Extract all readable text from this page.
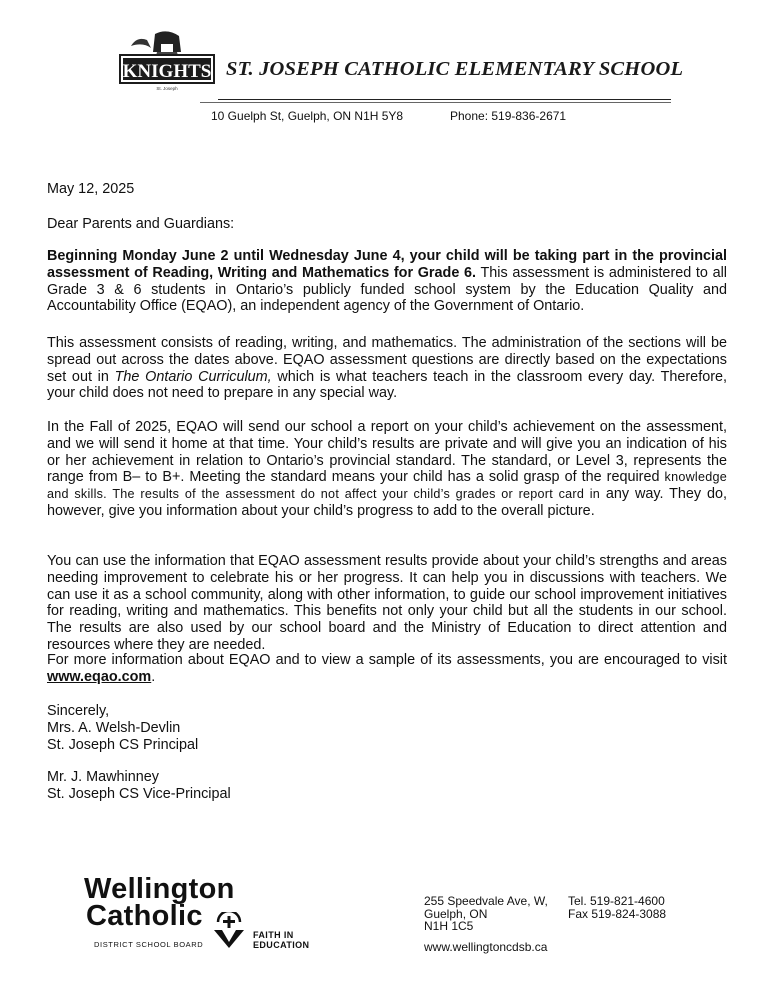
KNIGHTS
St. Joseph
ST. JOSEPH CATHOLIC ELEMENTARY SCHOOL
10 Guelph St, Guelph, ON N1H 5Y8	Phone: 519-836-2671
May 12, 2025
Dear Parents and Guardians:
Beginning Monday June 2 until Wednesday June 4, your child will be taking part in the provincial assessment of Reading, Writing and Mathematics for Grade 6. This assessment is administered to all Grade 3 & 6 students in Ontario’s publicly funded school system by the Education Quality and Accountability Office (EQAO), an independent agency of the Government of Ontario.
This assessment consists of reading, writing, and mathematics. The administration of the sections will be spread out across the dates above. EQAO assessment questions are directly based on the expectations set out in The Ontario Curriculum, which is what teachers teach in the classroom every day. Therefore, your child does not need to prepare in any special way.
In the Fall of 2025, EQAO will send our school a report on your child’s achievement on the assessment, and we will send it home at that time. Your child’s results are private and will give you an indication of his or her achievement in relation to Ontario’s provincial standard. The standard, or Level 3, represents the range from B– to B+. Meeting the standard means your child has a solid grasp of the required knowledge and skills. The results of the assessment do not affect your child’s grades or report card in any way. They do, however, give you information about your child’s progress to add to the overall picture.
You can use the information that EQAO assessment results provide about your child’s strengths and areas needing improvement to celebrate his or her progress. It can help you in discussions with teachers. We can use it as a school community, along with other information, to guide our school improvement initiatives for reading, writing and mathematics. This benefits not only your child but all the students in our school. The results are also used by our school board and the Ministry of Education to direct attention and resources where they are needed.
For more information about EQAO and to view a sample of its assessments, you are encouraged to visit www.eqao.com.
Sincerely,
Mrs. A. Welsh-Devlin
St. Joseph CS Principal
Mr. J. Mawhinney
St. Joseph CS Vice-Principal
Wellington
Catholic
DISTRICT SCHOOL BOARD
FAITH IN
EDUCATION
255 Speedvale Ave, W,
Guelph, ON
N1H 1C5
Tel. 519-821-4600
Fax 519-824-3088
www.wellingtoncdsb.ca
